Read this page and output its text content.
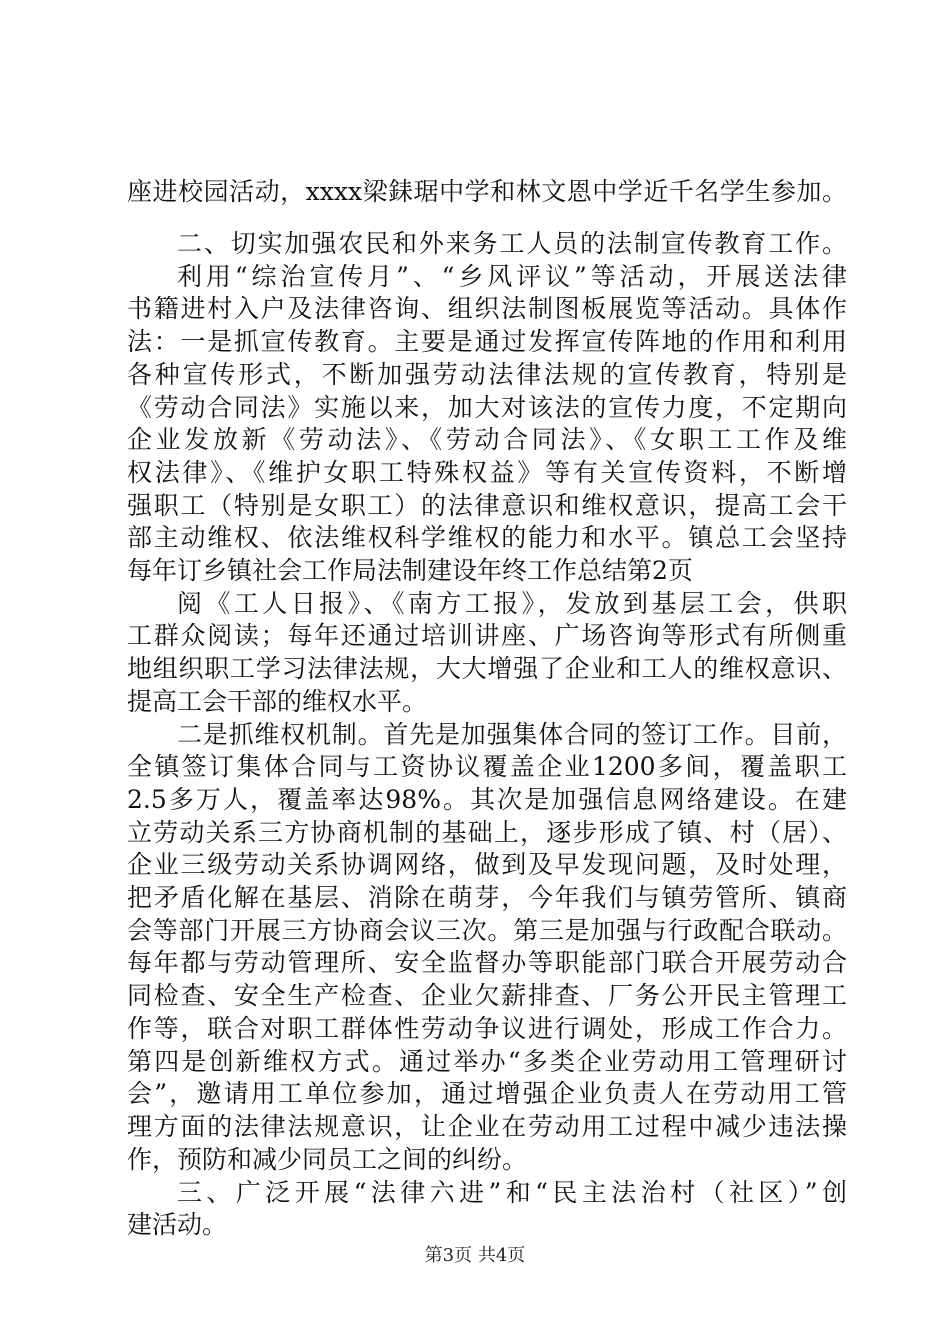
座进校园活动，xxxx梁銇琚中学和林文恩中学近千名学生参加。
二、切实加强农民和外来务工人员的法制宣传教育工作。
利用“综治宣传月”、“乡风评议”等活动，开展送法律
书籍进村入户及法律咨询、组织法制图板展览等活动。具体作
法：一是抓宣传教育。主要是通过发挥宣传阵地的作用和利用
各种宣传形式，不断加强劳动法律法规的宣传教育，特别是
《劳动合同法》实施以来，加大对该法的宣传力度，不定期向
企业发放新《劳动法》、《劳动合同法》、《女职工工作及维
权法律》、《维护女职工特殊权益》等有关宣传资料，不断增
强职工（特别是女职工）的法律意识和维权意识，提高工会干
部主动维权、依法维权科学维权的能力和水平。镇总工会坚持
每年订乡镇社会工作局法制建设年终工作总结第2页
阅《工人日报》、《南方工报》，发放到基层工会，供职
工群众阅读；每年还通过培训讲座、广场咨询等形式有所侧重
地组织职工学习法律法规，大大增强了企业和工人的维权意识、
提高工会干部的维权水平。
二是抓维权机制。首先是加强集体合同的签订工作。目前，
全镇签订集体合同与工资协议覆盖企业1200多间，覆盖职工
2.5多万人，覆盖率达98%。其次是加强信息网络建设。在建
立劳动关系三方协商机制的基础上，逐步形成了镇、村（居）、
企业三级劳动关系协调网络，做到及早发现问题，及时处理，
把矛盾化解在基层、消除在萌芽，今年我们与镇劳管所、镇商
会等部门开展三方协商会议三次。第三是加强与行政配合联动。
每年都与劳动管理所、安全监督办等职能部门联合开展劳动合
同检查、安全生产检查、企业欠薪排查、厂务公开民主管理工
作等，联合对职工群体性劳动争议进行调处，形成工作合力。
第四是创新维权方式。通过举办“多类企业劳动用工管理研讨
会”，邀请用工单位参加，通过增强企业负责人在劳动用工管
理方面的法律法规意识，让企业在劳动用工过程中减少违法操
作，预防和减少同员工之间的纠纷。
第3页 共4页
三、广泛开展“法律六进”和“民主法治村（社区）”创
建活动。
